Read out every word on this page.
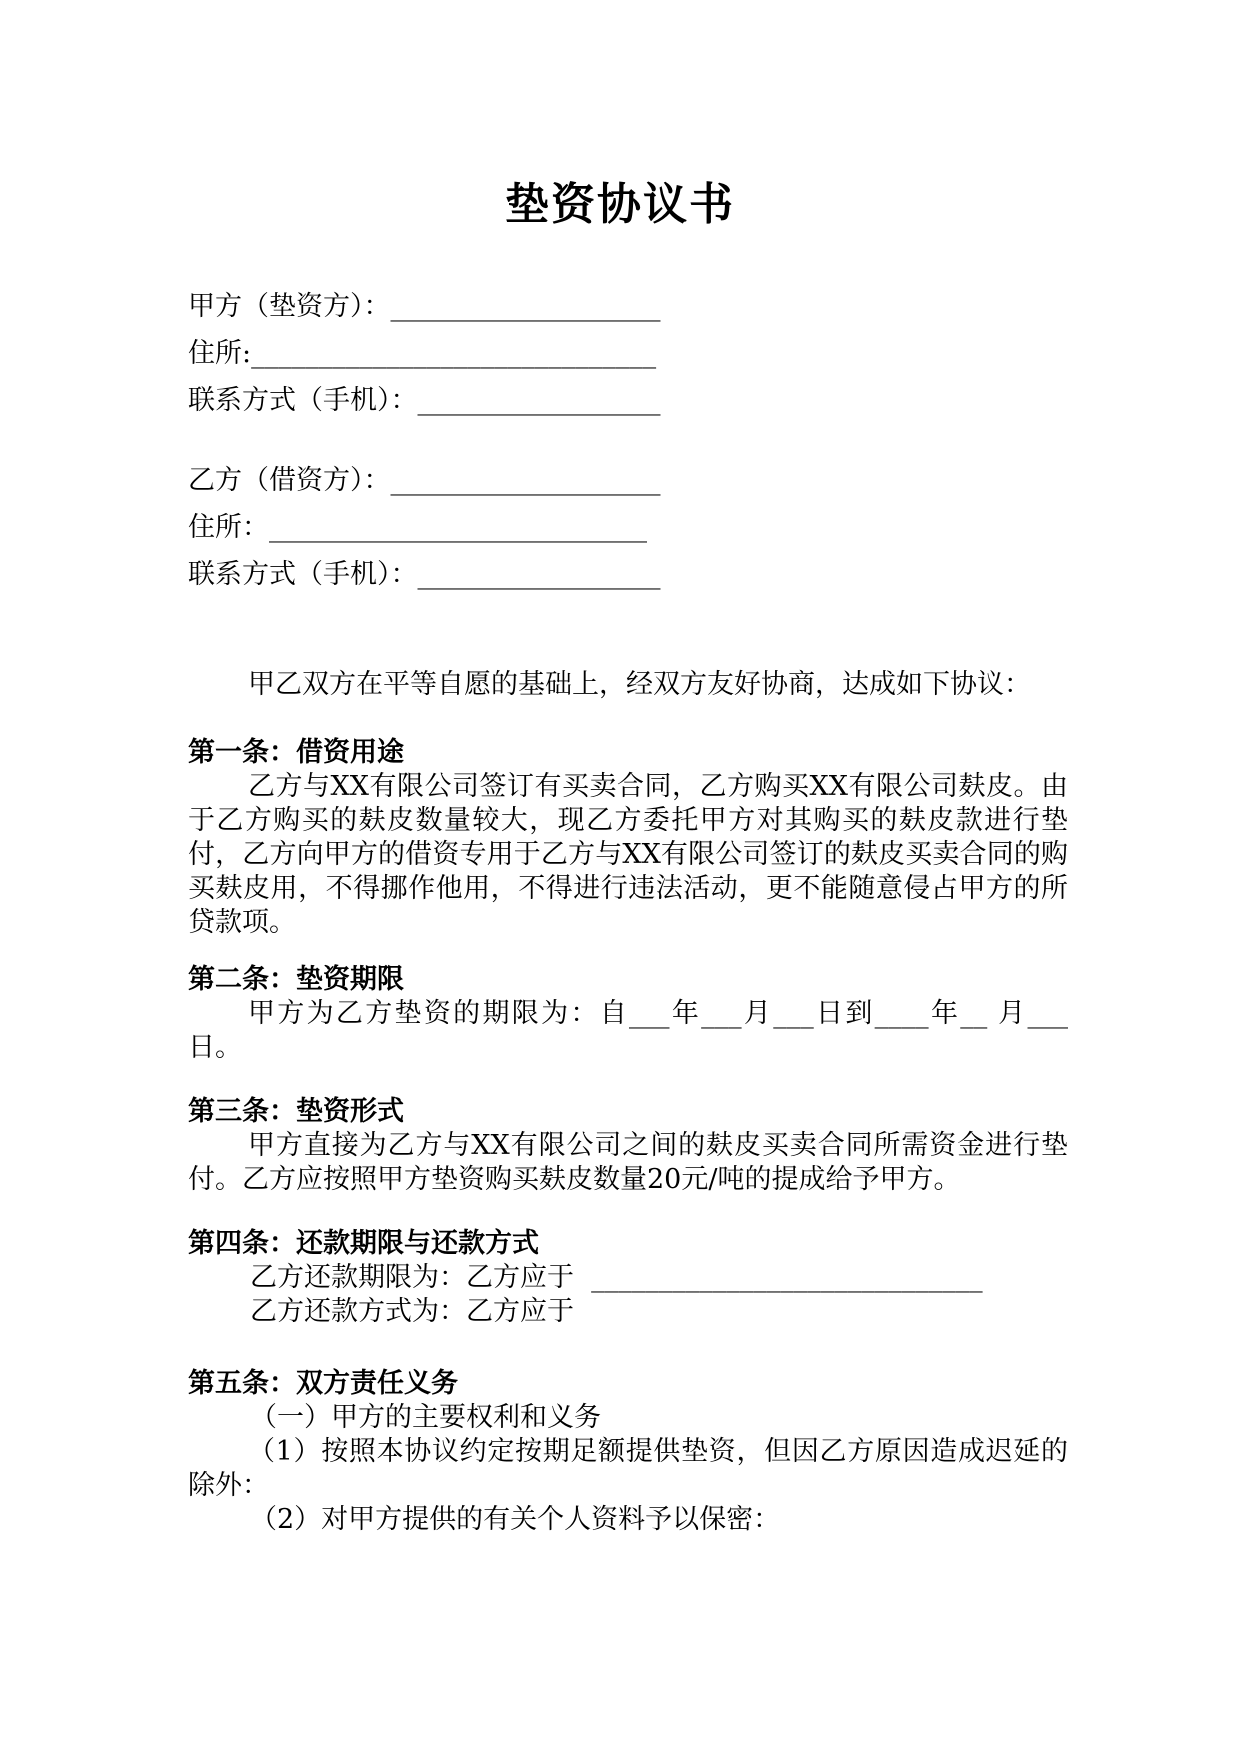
垫资协议书
甲方（垫资方）：____________________
住所:______________________________
联系方式（手机）：__________________
乙方（借资方）：____________________
住所：____________________________
联系方式（手机）：__________________
甲乙双方在平等自愿的基础上，经双方友好协商，达成如下协议：
第一条：借资用途
乙方与XX有限公司签订有买卖合同，乙方购买XX有限公司麸皮。由于乙方购买的麸皮数量较大，现乙方委托甲方对其购买的麸皮款进行垫付，乙方向甲方的借资专用于乙方与XX有限公司签订的麸皮买卖合同的购买麸皮用，不得挪作他用，不得进行违法活动，更不能随意侵占甲方的所贷款项。
第二条：垫资期限
甲方为乙方垫资的期限为：自___年___月___日到____年__ 月___ 日。
第三条：垫资形式
甲方直接为乙方与XX有限公司之间的麸皮买卖合同所需资金进行垫付。乙方应按照甲方垫资购买麸皮数量20元/吨的提成给予甲方。
第四条：还款期限与还款方式
乙方还款期限为：乙方应于  _____________________________
乙方还款方式为：乙方应于
第五条：双方责任义务
（一）甲方的主要权利和义务
（1）按照本协议约定按期足额提供垫资，但因乙方原因造成迟延的除外：
（2）对甲方提供的有关个人资料予以保密：
